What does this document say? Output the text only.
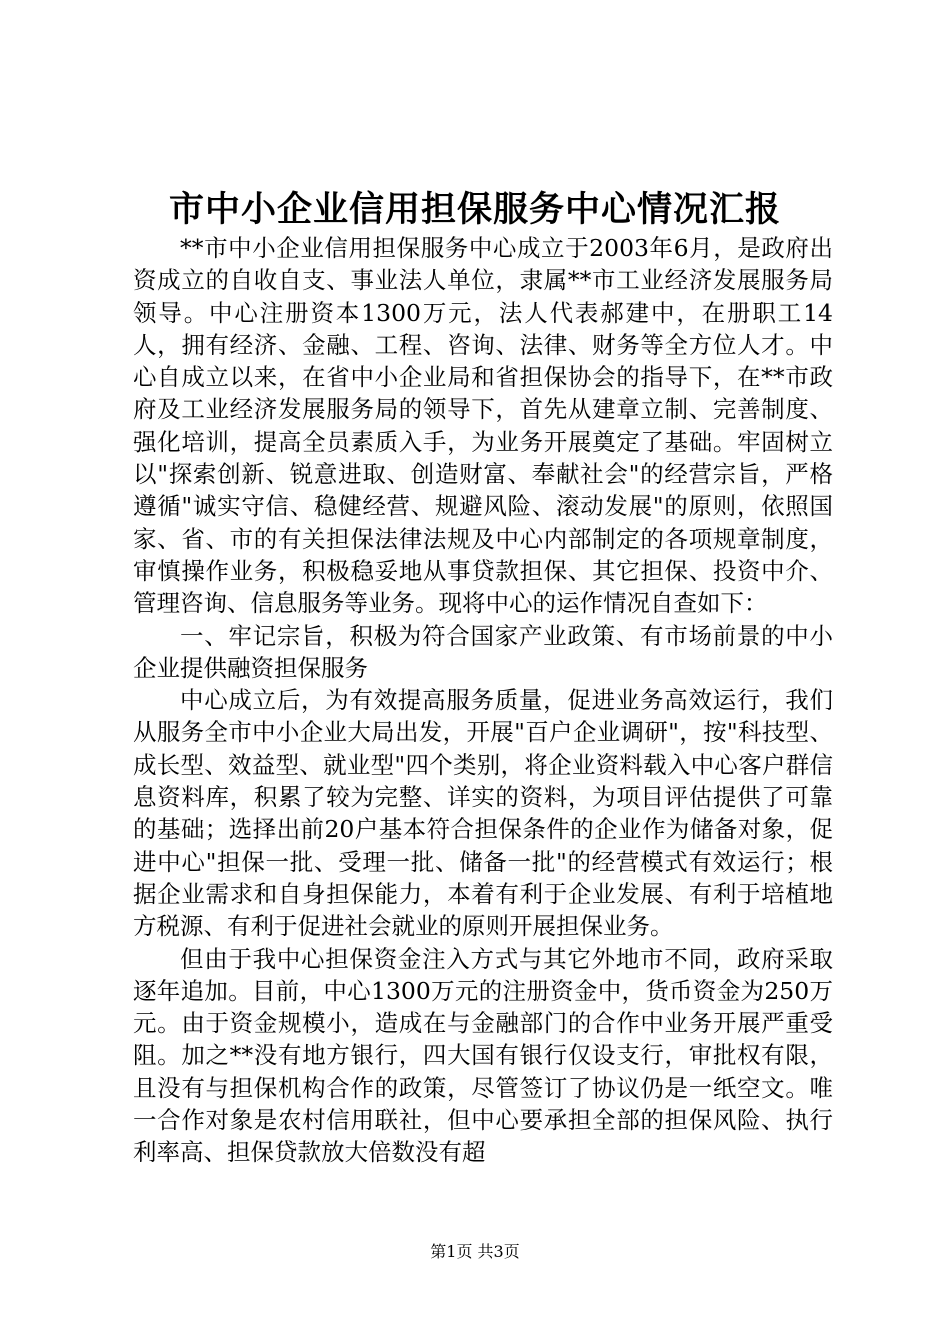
市中小企业信用担保服务中心情况汇报

**市中小企业信用担保服务中心成立于2003年6月，是政府出资成立的自收自支、事业法人单位，隶属**市工业经济发展服务局领导。中心注册资本1300万元，法人代表郝建中，在册职工14人，拥有经济、金融、工程、咨询、法律、财务等全方位人才。中心自成立以来，在省中小企业局和省担保协会的指导下，在**市政府及工业经济发展服务局的领导下，首先从建章立制、完善制度、强化培训，提高全员素质入手，为业务开展奠定了基础。牢固树立以"探索创新、锐意进取、创造财富、奉献社会"的经营宗旨，严格遵循"诚实守信、稳健经营、规避风险、滚动发展"的原则，依照国家、省、市的有关担保法律法规及中心内部制定的各项规章制度，审慎操作业务，积极稳妥地从事贷款担保、其它担保、投资中介、管理咨询、信息服务等业务。现将中心的运作情况自查如下：

一、牢记宗旨，积极为符合国家产业政策、有市场前景的中小企业提供融资担保服务

中心成立后，为有效提高服务质量，促进业务高效运行，我们从服务全市中小企业大局出发，开展"百户企业调研"，按"科技型、成长型、效益型、就业型"四个类别，将企业资料载入中心客户群信息资料库，积累了较为完整、详实的资料，为项目评估提供了可靠的基础；选择出前20户基本符合担保条件的企业作为储备对象，促进中心"担保一批、受理一批、储备一批"的经营模式有效运行；根据企业需求和自身担保能力，本着有利于企业发展、有利于培植地方税源、有利于促进社会就业的原则开展担保业务。

但由于我中心担保资金注入方式与其它外地市不同，政府采取逐年追加。目前，中心1300万元的注册资金中，货币资金为250万元。由于资金规模小，造成在与金融部门的合作中业务开展严重受阻。加之**没有地方银行，四大国有银行仅设支行，审批权有限，且没有与担保机构合作的政策，尽管签订了协议仍是一纸空文。唯一合作对象是农村信用联社，但中心要承担全部的担保风险、执行利率高、担保贷款放大倍数没有超

第1页 共3页
